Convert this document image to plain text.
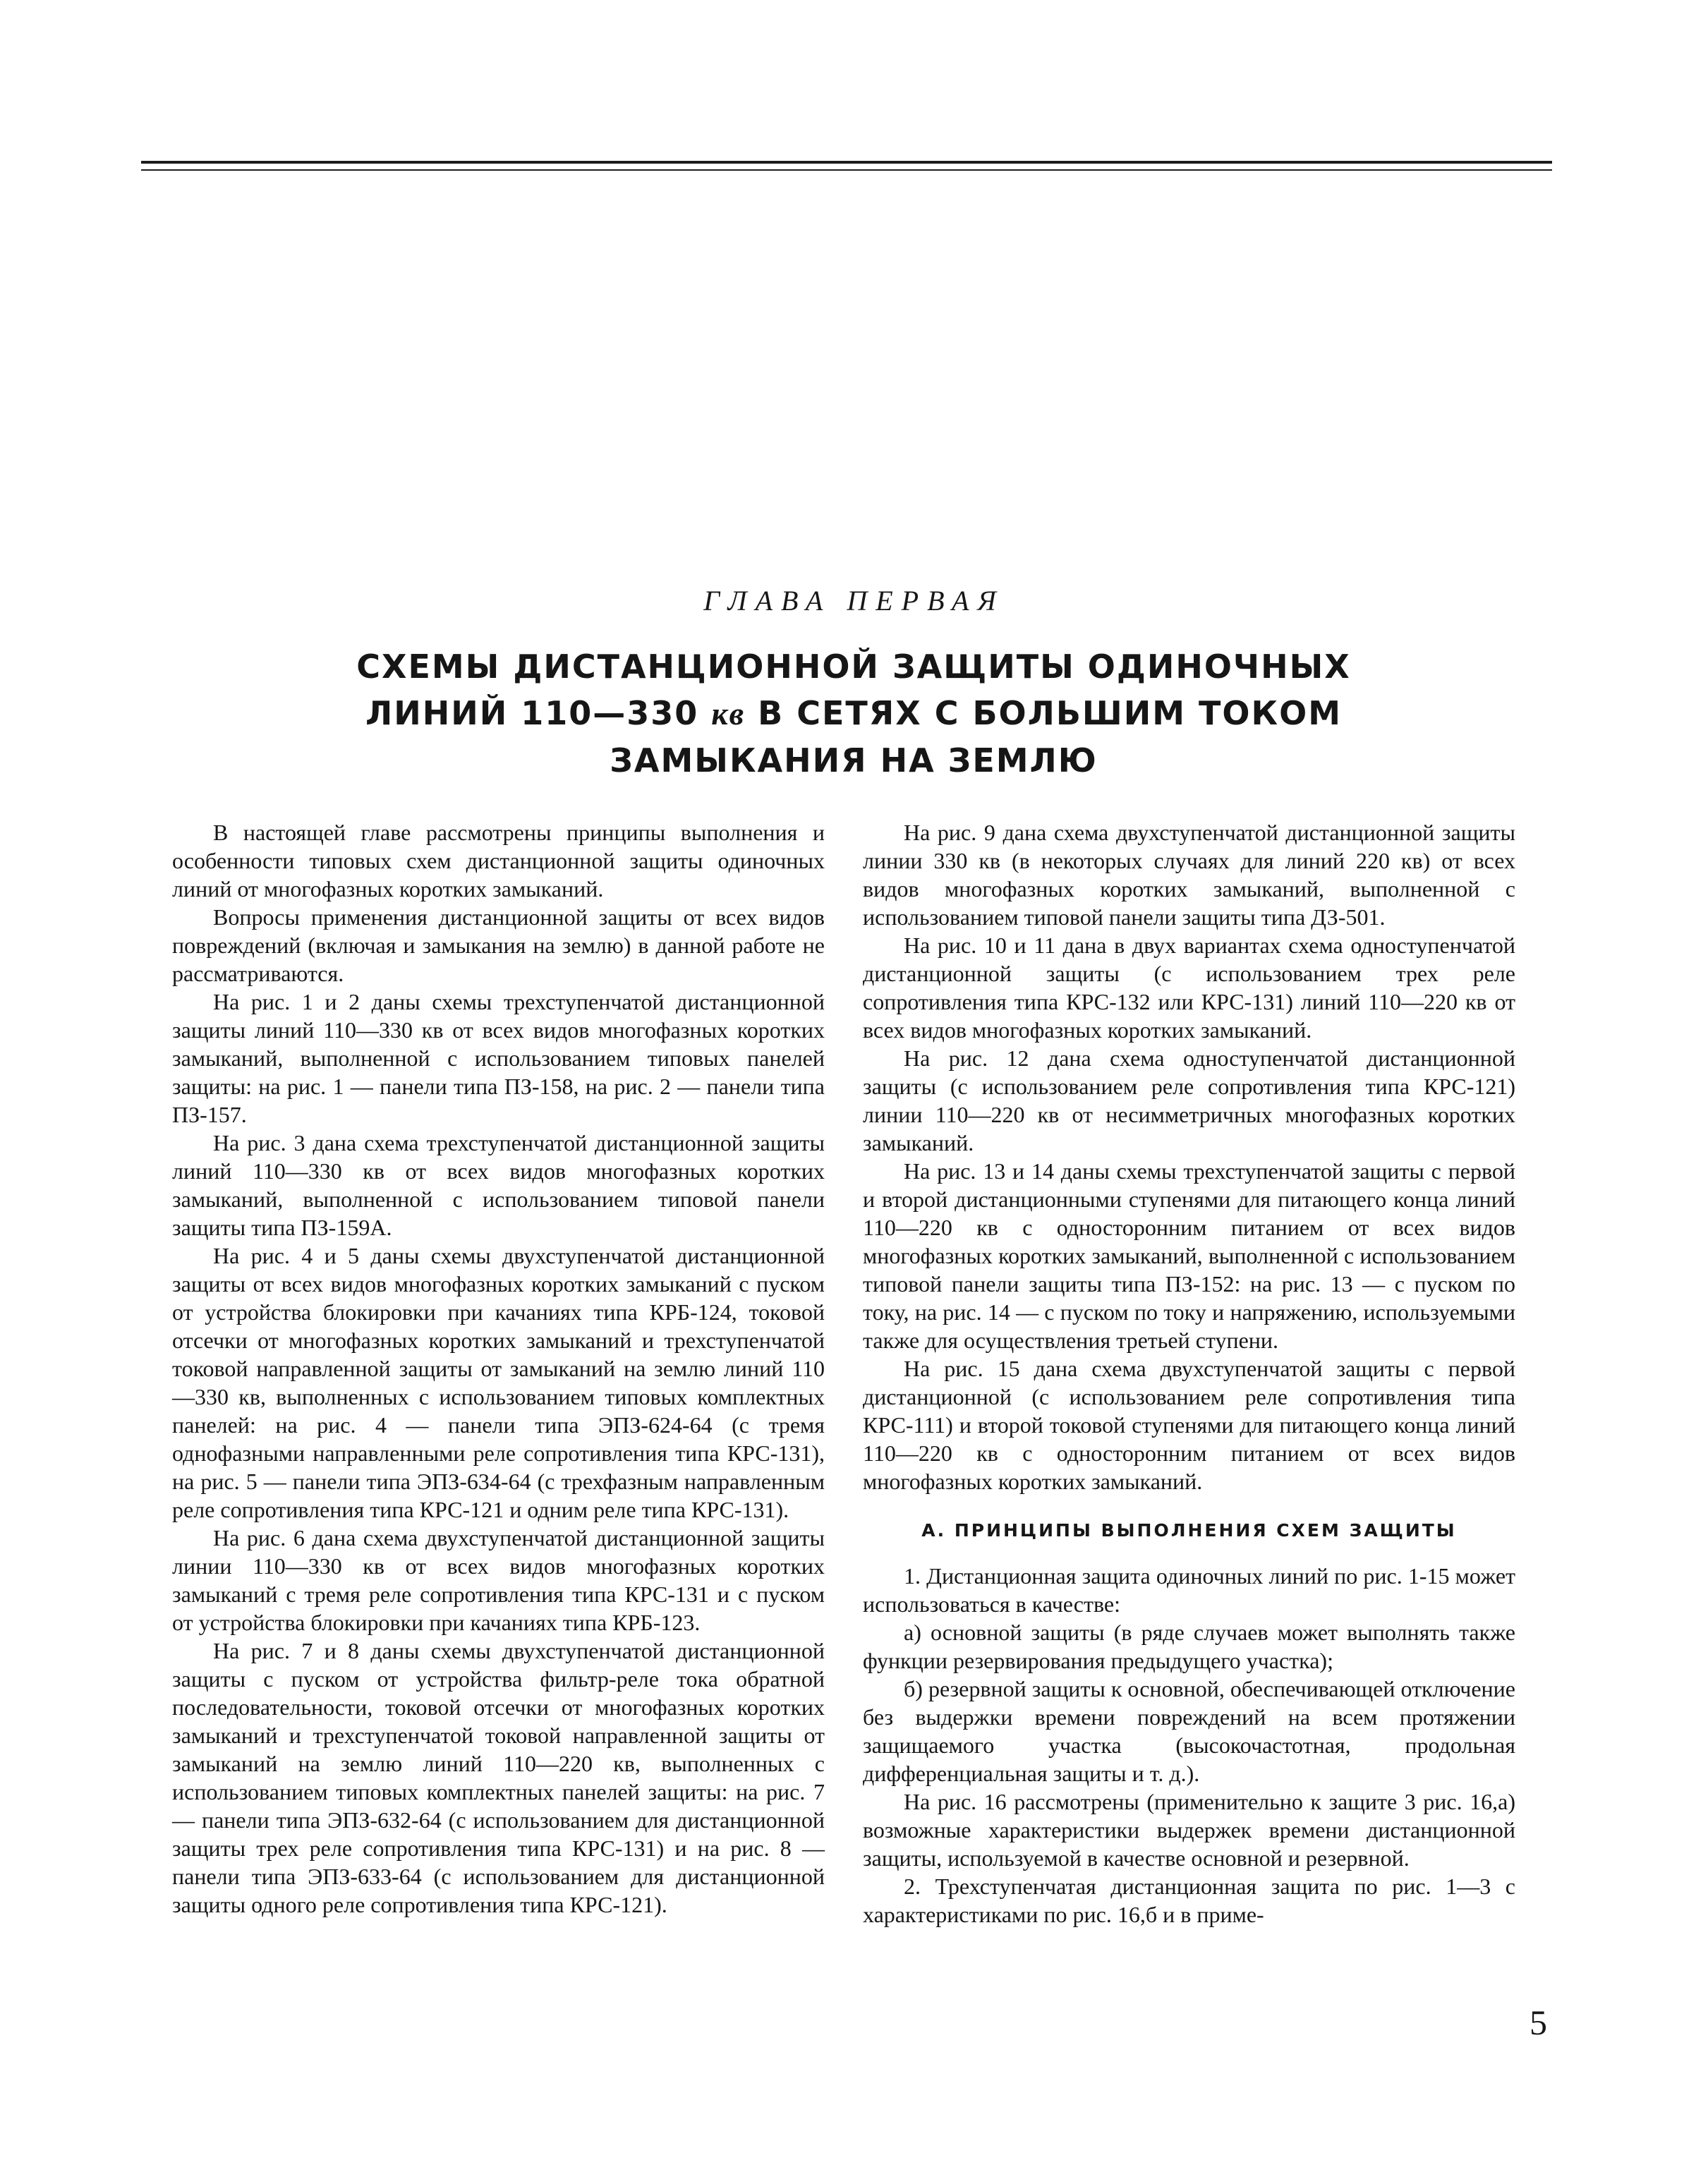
ГЛАВА ПЕРВАЯ
СХЕМЫ ДИСТАНЦИОННОЙ ЗАЩИТЫ ОДИНОЧНЫХ
ЛИНИЙ 110—330 кв В СЕТЯХ С БОЛЬШИМ ТОКОМ
ЗАМЫКАНИЯ НА ЗЕМЛЮ

В настоящей главе рассмотрены принципы выполнения и особенности типовых схем дистанционной защиты одиночных линий от многофазных коротких замыканий.

Вопросы применения дистанционной защиты от всех видов повреждений (включая и замыкания на землю) в данной работе не рассматриваются.

На рис. 1 и 2 даны схемы трехступенчатой дистанционной защиты линий 110—330 кв от всех видов многофазных коротких замыканий, выполненной с использованием типовых панелей защиты: на рис. 1 — панели типа ПЗ-158, на рис. 2 — панели типа ПЗ-157.

На рис. 3 дана схема трехступенчатой дистанционной защиты линий 110—330 кв от всех видов многофазных коротких замыканий, выполненной с использованием типовой панели защиты типа ПЗ-159А.

На рис. 4 и 5 даны схемы двухступенчатой дистанционной защиты от всех видов многофазных коротких замыканий с пуском от устройства блокировки при качаниях типа КРБ-124, токовой отсечки от многофазных коротких замыканий и трехступенчатой токовой направленной защиты от замыканий на землю линий 110—330 кв, выполненных с использованием типовых комплектных панелей: на рис. 4 — панели типа ЭПЗ-624-64 (с тремя однофазными направленными реле сопротивления типа КРС-131), на рис. 5 — панели типа ЭПЗ-634-64 (с трехфазным направленным реле сопротивления типа КРС-121 и одним реле типа КРС-131).

На рис. 6 дана схема двухступенчатой дистанционной защиты линии 110—330 кв от всех видов многофазных коротких замыканий с тремя реле сопротивления типа КРС-131 и с пуском от устройства блокировки при качаниях типа КРБ-123.

На рис. 7 и 8 даны схемы двухступенчатой дистанционной защиты с пуском от устройства фильтр-реле тока обратной последовательности, токовой отсечки от многофазных коротких замыканий и трехступенчатой токовой направленной защиты от замыканий на землю линий 110—220 кв, выполненных с использованием типовых комплектных панелей защиты: на рис. 7 — панели типа ЭПЗ-632-64 (с использованием для дистанционной защиты трех реле сопротивления типа КРС-131) и на рис. 8 — панели типа ЭПЗ-633-64 (с использованием для дистанционной защиты одного реле сопротивления типа КРС-121).

На рис. 9 дана схема двухступенчатой дистанционной защиты линии 330 кв (в некоторых случаях для линий 220 кв) от всех видов многофазных коротких замыканий, выполненной с использованием типовой панели защиты типа ДЗ-501.

На рис. 10 и 11 дана в двух вариантах схема одноступенчатой дистанционной защиты (с использованием трех реле сопротивления типа КРС-132 или КРС-131) линий 110—220 кв от всех видов многофазных коротких замыканий.

На рис. 12 дана схема одноступенчатой дистанционной защиты (с использованием реле сопротивления типа КРС-121) линии 110—220 кв от несимметричных многофазных коротких замыканий.

На рис. 13 и 14 даны схемы трехступенчатой защиты с первой и второй дистанционными ступенями для питающего конца линий 110—220 кв с односторонним питанием от всех видов многофазных коротких замыканий, выполненной с использованием типовой панели защиты типа ПЗ-152: на рис. 13 — с пуском по току, на рис. 14 — с пуском по току и напряжению, используемыми также для осуществления третьей ступени.

На рис. 15 дана схема двухступенчатой защиты с первой дистанционной (с использованием реле сопротивления типа КРС-111) и второй токовой ступенями для питающего конца линий 110—220 кв с односторонним питанием от всех видов многофазных коротких замыканий.

А. ПРИНЦИПЫ ВЫПОЛНЕНИЯ СХЕМ ЗАЩИТЫ

1. Дистанционная защита одиночных линий по рис. 1-15 может использоваться в качестве:

а) основной защиты (в ряде случаев может выполнять также функции резервирования предыдущего участка);

б) резервной защиты к основной, обеспечивающей отключение без выдержки времени повреждений на всем протяжении защищаемого участка (высокочастотная, продольная дифференциальная защиты и т. д.).

На рис. 16 рассмотрены (применительно к защите 3 рис. 16,а) возможные характеристики выдержек времени дистанционной защиты, используемой в качестве основной и резервной.

2. Трехступенчатая дистанционная защита по рис. 1—3 с характеристиками по рис. 16,б и в приме-

5
